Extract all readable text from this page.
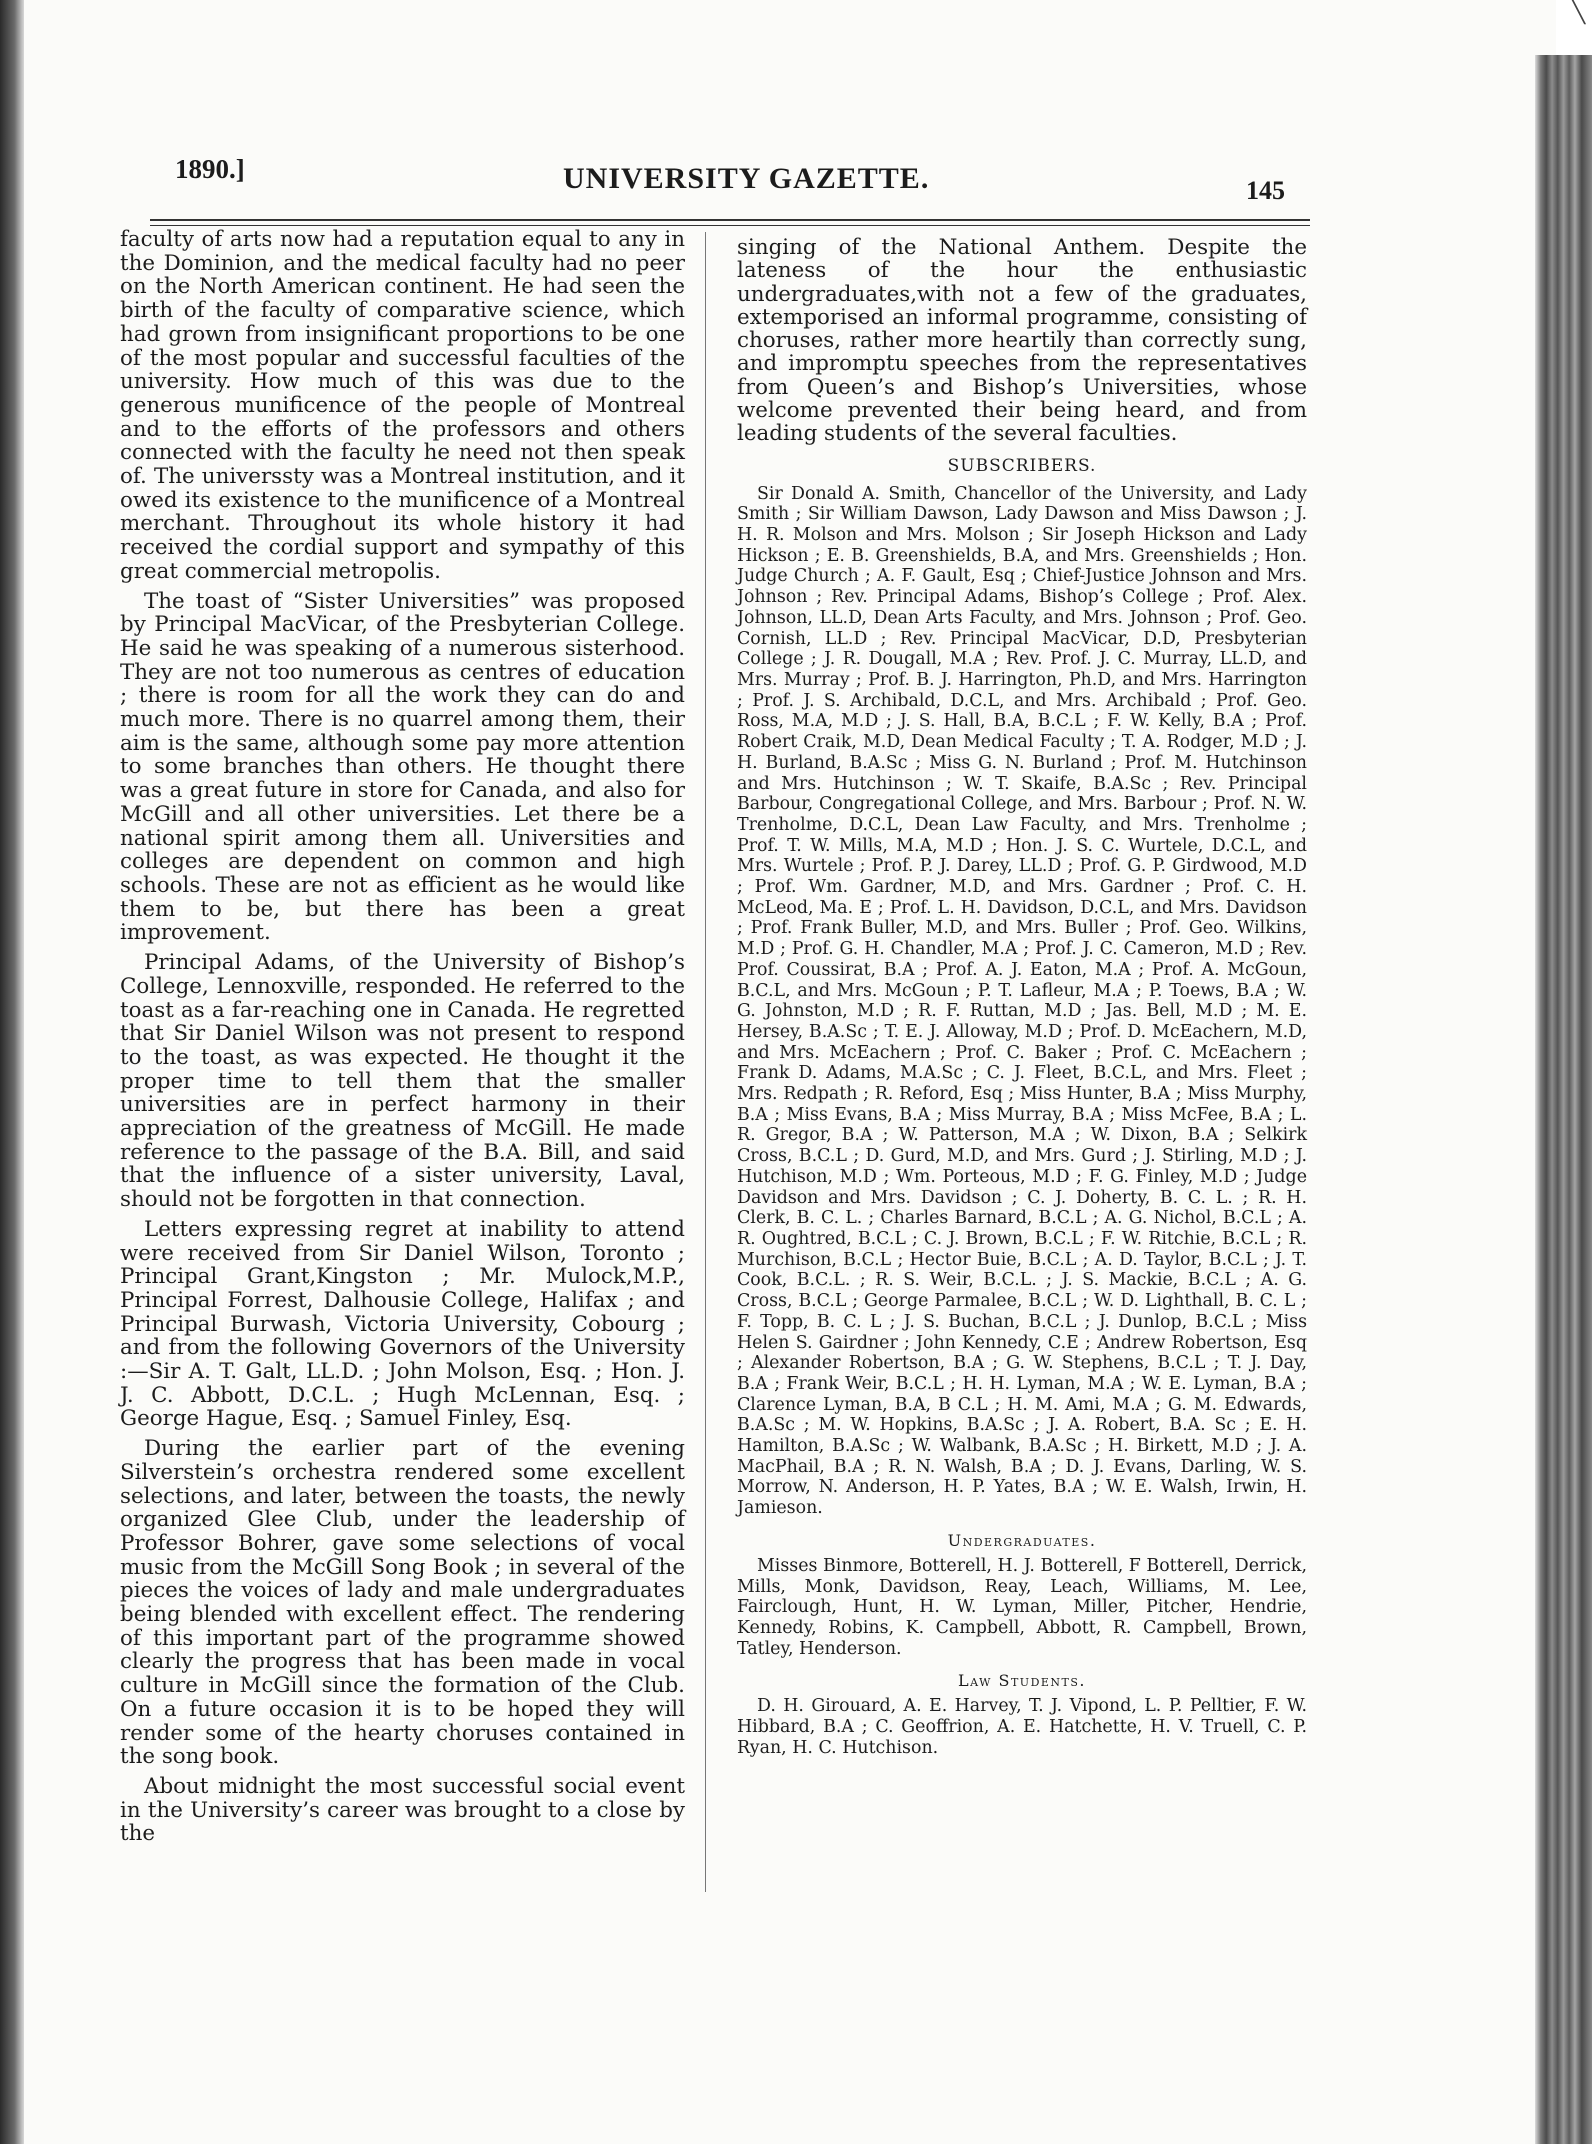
╲
1890.]	UNIVERSITY GAZETTE.	145

faculty of arts now had a reputation equal to any in the Dominion, and the medical faculty had no peer on the North American continent. He had seen the birth of the faculty of comparative science, which had grown from insignificant proportions to be one of the most popular and successful faculties of the university. How much of this was due to the generous munificence of the people of Montreal and to the efforts of the professors and others connected with the faculty he need not then speak of. The universsty was a Montreal institution, and it owed its existence to the munificence of a Montreal merchant. Throughout its whole history it had received the cordial support and sympathy of this great commercial metropolis.

The toast of “Sister Universities” was proposed by Principal MacVicar, of the Presbyterian College. He said he was speaking of a numerous sisterhood. They are not too numerous as centres of education ; there is room for all the work they can do and much more. There is no quarrel among them, their aim is the same, although some pay more attention to some branches than others. He thought there was a great future in store for Canada, and also for McGill and all other universities. Let there be a national spirit among them all. Universities and colleges are dependent on common and high schools. These are not as efficient as he would like them to be, but there has been a great improvement.

Principal Adams, of the University of Bishop’s College, Lennoxville, responded. He referred to the toast as a far-reaching one in Canada. He regretted that Sir Daniel Wilson was not present to respond to the toast, as was expected. He thought it the proper time to tell them that the smaller universities are in perfect harmony in their appreciation of the greatness of McGill. He made reference to the passage of the B.A. Bill, and said that the influence of a sister university, Laval, should not be forgotten in that connection.

Letters expressing regret at inability to attend were received from Sir Daniel Wilson, Toronto ; Principal Grant,Kingston ; Mr. Mulock,M.P., Principal Forrest, Dalhousie College, Halifax ; and Principal Burwash, Victoria University, Cobourg ; and from the following Governors of the University :—Sir A. T. Galt, LL.D. ; John Molson, Esq. ; Hon. J. J. C. Abbott, D.C.L. ; Hugh McLennan, Esq. ; George Hague, Esq. ; Samuel Finley, Esq.

During the earlier part of the evening Silverstein’s orchestra rendered some excellent selections, and later, between the toasts, the newly organized Glee Club, under the leadership of Professor Bohrer, gave some selections of vocal music from the McGill Song Book ; in several of the pieces the voices of lady and male undergraduates being blended with excellent effect. The rendering of this important part of the programme showed clearly the progress that has been made in vocal culture in McGill since the formation of the Club. On a future occasion it is to be hoped they will render some of the hearty choruses contained in the song book.

About midnight the most successful social event in the University’s career was brought to a close by the

singing of the National Anthem. Despite the lateness of the hour the enthusiastic undergraduates,with not a few of the graduates, extemporised an informal programme, consisting of choruses, rather more heartily than correctly sung, and impromptu speeches from the representatives from Queen’s and Bishop’s Universities, whose welcome prevented their being heard, and from leading students of the several faculties.

SUBSCRIBERS.

Sir Donald A. Smith, Chancellor of the University, and Lady Smith ; Sir William Dawson, Lady Dawson and Miss Dawson ; J. H. R. Molson and Mrs. Molson ; Sir Joseph Hickson and Lady Hickson ; E. B. Greenshields, B.A, and Mrs. Greenshields ; Hon. Judge Church ; A. F. Gault, Esq ; Chief-Justice Johnson and Mrs. Johnson ; Rev. Principal Adams, Bishop’s College ; Prof. Alex. Johnson, LL.D, Dean Arts Faculty, and Mrs. Johnson ; Prof. Geo. Cornish, LL.D ; Rev. Principal MacVicar, D.D, Presbyterian College ; J. R. Dougall, M.A ; Rev. Prof. J. C. Murray, LL.D, and Mrs. Murray ; Prof. B. J. Harrington, Ph.D, and Mrs. Harrington ; Prof. J. S. Archibald, D.C.L, and Mrs. Archibald ; Prof. Geo. Ross, M.A, M.D ; J. S. Hall, B.A, B.C.L ; F. W. Kelly, B.A ; Prof. Robert Craik, M.D, Dean Medical Faculty ; T. A. Rodger, M.D ; J. H. Burland, B.A.Sc ; Miss G. N. Burland ; Prof. M. Hutchinson and Mrs. Hutchinson ; W. T. Skaife, B.A.Sc ; Rev. Principal Barbour, Congregational College, and Mrs. Barbour ; Prof. N. W. Trenholme, D.C.L, Dean Law Faculty, and Mrs. Trenholme ; Prof. T. W. Mills, M.A, M.D ; Hon. J. S. C. Wurtele, D.C.L, and Mrs. Wurtele ; Prof. P. J. Darey, LL.D ; Prof. G. P. Girdwood, M.D ; Prof. Wm. Gardner, M.D, and Mrs. Gardner ; Prof. C. H. McLeod, Ma. E ; Prof. L. H. Davidson, D.C.L, and Mrs. Davidson ; Prof. Frank Buller, M.D, and Mrs. Buller ; Prof. Geo. Wilkins, M.D ; Prof. G. H. Chandler, M.A ; Prof. J. C. Cameron, M.D ; Rev. Prof. Coussirat, B.A ; Prof. A. J. Eaton, M.A ; Prof. A. McGoun, B.C.L, and Mrs. McGoun ; P. T. Lafleur, M.A ; P. Toews, B.A ; W. G. Johnston, M.D ; R. F. Ruttan, M.D ; Jas. Bell, M.D ; M. E. Hersey, B.A.Sc ; T. E. J. Alloway, M.D ; Prof. D. McEachern, M.D, and Mrs. McEachern ; Prof. C. Baker ; Prof. C. McEachern ; Frank D. Adams, M.A.Sc ; C. J. Fleet, B.C.L, and Mrs. Fleet ; Mrs. Redpath ; R. Reford, Esq ; Miss Hunter, B.A ; Miss Murphy, B.A ; Miss Evans, B.A ; Miss Murray, B.A ; Miss McFee, B.A ; L. R. Gregor, B.A ; W. Patterson, M.A ; W. Dixon, B.A ; Selkirk Cross, B.C.L ; D. Gurd, M.D, and Mrs. Gurd ; J. Stirling, M.D ; J. Hutchison, M.D ; Wm. Porteous, M.D ; F. G. Finley, M.D ; Judge Davidson and Mrs. Davidson ; C. J. Doherty, B. C. L. ; R. H. Clerk, B. C. L. ; Charles Barnard, B.C.L ; A. G. Nichol, B.C.L ; A. R. Oughtred, B.C.L ; C. J. Brown, B.C.L ; F. W. Ritchie, B.C.L ; R. Murchison, B.C.L ; Hector Buie, B.C.L ; A. D. Taylor, B.C.L ; J. T. Cook, B.C.L. ; R. S. Weir, B.C.L. ; J. S. Mackie, B.C.L ; A. G. Cross, B.C.L ; George Parmalee, B.C.L ; W. D. Lighthall, B. C. L ; F. Topp, B. C. L ; J. S. Buchan, B.C.L ; J. Dunlop, B.C.L ; Miss Helen S. Gairdner ; John Kennedy, C.E ; Andrew Robertson, Esq ; Alexander Robertson, B.A ; G. W. Stephens, B.C.L ; T. J. Day, B.A ; Frank Weir, B.C.L ; H. H. Lyman, M.A ; W. E. Lyman, B.A ; Clarence Lyman, B.A, B C.L ; H. M. Ami, M.A ; G. M. Edwards, B.A.Sc ; M. W. Hopkins, B.A.Sc ; J. A. Robert, B.A. Sc ; E. H. Hamilton, B.A.Sc ; W. Walbank, B.A.Sc ; H. Birkett, M.D ; J. A. MacPhail, B.A ; R. N. Walsh, B.A ; D. J. Evans, Darling, W. S. Morrow, N. Anderson, H. P. Yates, B.A ; W. E. Walsh, Irwin, H. Jamieson.

Undergraduates.

Misses Binmore, Botterell, H. J. Botterell, F Botterell, Derrick, Mills, Monk, Davidson, Reay, Leach, Williams, M. Lee, Fairclough, Hunt, H. W. Lyman, Miller, Pitcher, Hendrie, Kennedy, Robins, K. Campbell, Abbott, R. Campbell, Brown, Tatley, Henderson.

Law Students.

D. H. Girouard, A. E. Harvey, T. J. Vipond, L. P. Pelltier, F. W. Hibbard, B.A ; C. Geoffrion, A. E. Hatchette, H. V. Truell, C. P. Ryan, H. C. Hutchison.
